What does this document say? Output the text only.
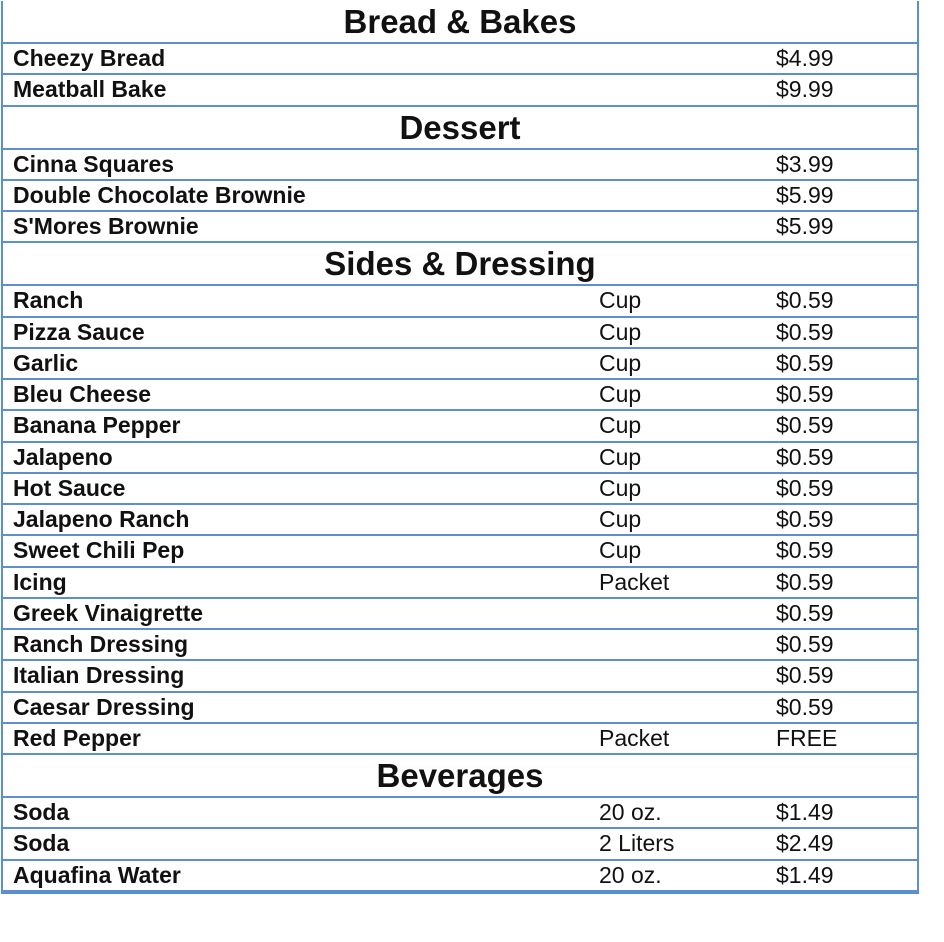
Bread & Bakes
Cheezy Bread	$4.99
Meatball Bake	$9.99
Dessert
Cinna Squares	$3.99
Double Chocolate Brownie	$5.99
S'Mores Brownie	$5.99
Sides & Dressing
Ranch	Cup	$0.59
Pizza Sauce	Cup	$0.59
Garlic	Cup	$0.59
Bleu Cheese	Cup	$0.59
Banana Pepper	Cup	$0.59
Jalapeno	Cup	$0.59
Hot Sauce	Cup	$0.59
Jalapeno Ranch	Cup	$0.59
Sweet Chili Pep	Cup	$0.59
Icing	Packet	$0.59
Greek Vinaigrette	$0.59
Ranch Dressing	$0.59
Italian Dressing	$0.59
Caesar Dressing	$0.59
Red Pepper	Packet	FREE
Beverages
Soda	20 oz.	$1.49
Soda	2 Liters	$2.49
Aquafina Water	20 oz.	$1.49
